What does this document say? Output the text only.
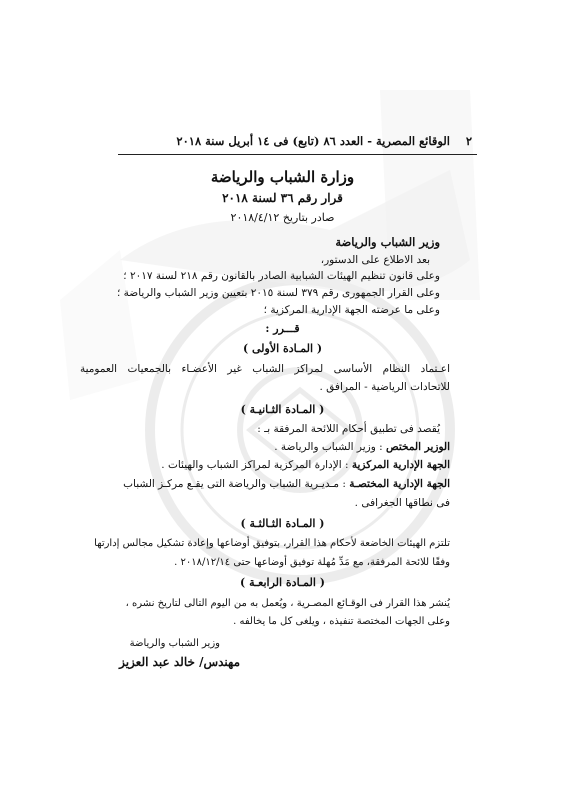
٢
الوقائع المصرية - العدد ٨٦ (تابع) فى ١٤ أبريل سنة ٢٠١٨
وزارة الشباب والرياضة
قرار رقم ٣٦ لسنة ٢٠١٨
صادر بتاريخ ٢٠١٨/٤/١٢
وزير الشباب والرياضة
بعد الاطلاع على الدستور،
وعلى قانون تنظيم الهيئات الشبابية الصادر بالقانون رقم ٢١٨ لسنة ٢٠١٧ ؛
وعلى القرار الجمهورى رقم ٣٧٩ لسنة ٢٠١٥ بتعيين وزير الشباب والرياضة ؛
وعلى ما عرضته الجهة الإدارية المركزية ؛
قـــرر :
( المـادة الأولى )
اعـتماد النظام الأساسى لمراكز الشباب غير الأعضـاء بالجمعيات العمومية
للاتحادات الرياضية - المرافق .
( المـادة الثـانيـة )
يُقصد فى تطبيق أحكام اللائحة المرفقة بـ :
الوزير المختص : وزير الشباب والرياضة .
الجهة الإدارية المركزية : الإدارة المركزية لمراكز الشباب والهيئات .
الجهة الإدارية المختصـة : مـديـرية الشباب والرياضة التى يقـع مركـز الشباب
فى نطاقها الجغرافى .
( المـادة الثـالثـة )
تلتزم الهيئات الخاضعة لأحكام هذا القرار، بتوفيق أوضاعها وإعادة تشكيل مجالس إدارتها
وفقًا للائحة المرفقة، مع مَدِّ مُهلة توفيق أوضاعها حتى ٢٠١٨/١٢/١٤ .
( المـادة الرابعـة )
يُنشر هذا القرار فى الوقـائع المصـرية ، ويُعمل به من اليوم التالى لتاريخ نشره ،
وعلى الجهات المختصة تنفيذه ، ويلغى كل ما يخالفه .
وزير الشباب والرياضة
مهندس/ خالد عبد العزيز
